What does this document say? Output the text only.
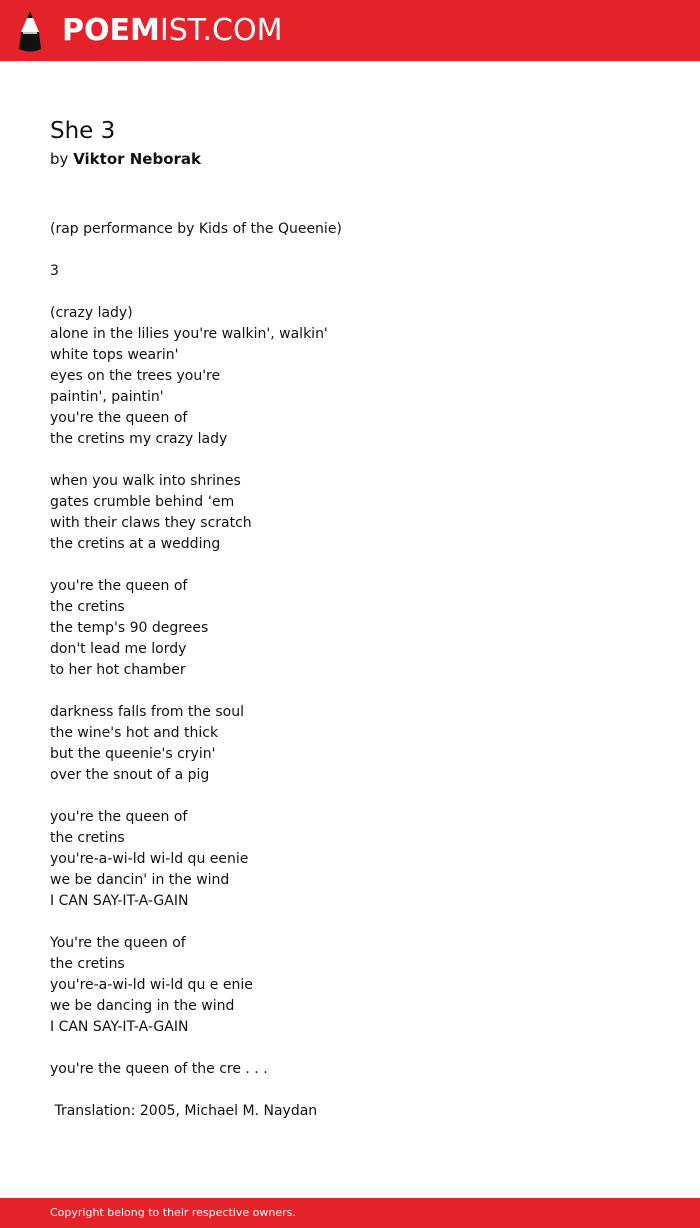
POEMIST.COM
She 3
by Viktor Neborak
(rap performance by Kids of the Queenie)

3

(crazy lady)
alone in the lilies you're walkin', walkin'
white tops wearin'
eyes on the trees you're
paintin', paintin'
you're the queen of
the cretins my crazy lady

when you walk into shrines
gates crumble behind ‘em
with their claws they scratch
the cretins at a wedding

you're the queen of
the cretins
the temp's 90 degrees
don't lead me lordy
to her hot chamber

darkness falls from the soul
the wine's hot and thick
but the queenie's cryin'
over the snout of a pig

you're the queen of
the cretins
you're-a-wi-ld wi-ld qu eenie
we be dancin' in the wind
I CAN SAY-IT-A-GAIN

You're the queen of
the cretins
you're-a-wi-ld wi-ld qu e enie
we be dancing in the wind
I CAN SAY-IT-A-GAIN

you're the queen of the cre . . .

Translation: 2005, Michael M. Naydan
Copyright belong to their respective owners.
